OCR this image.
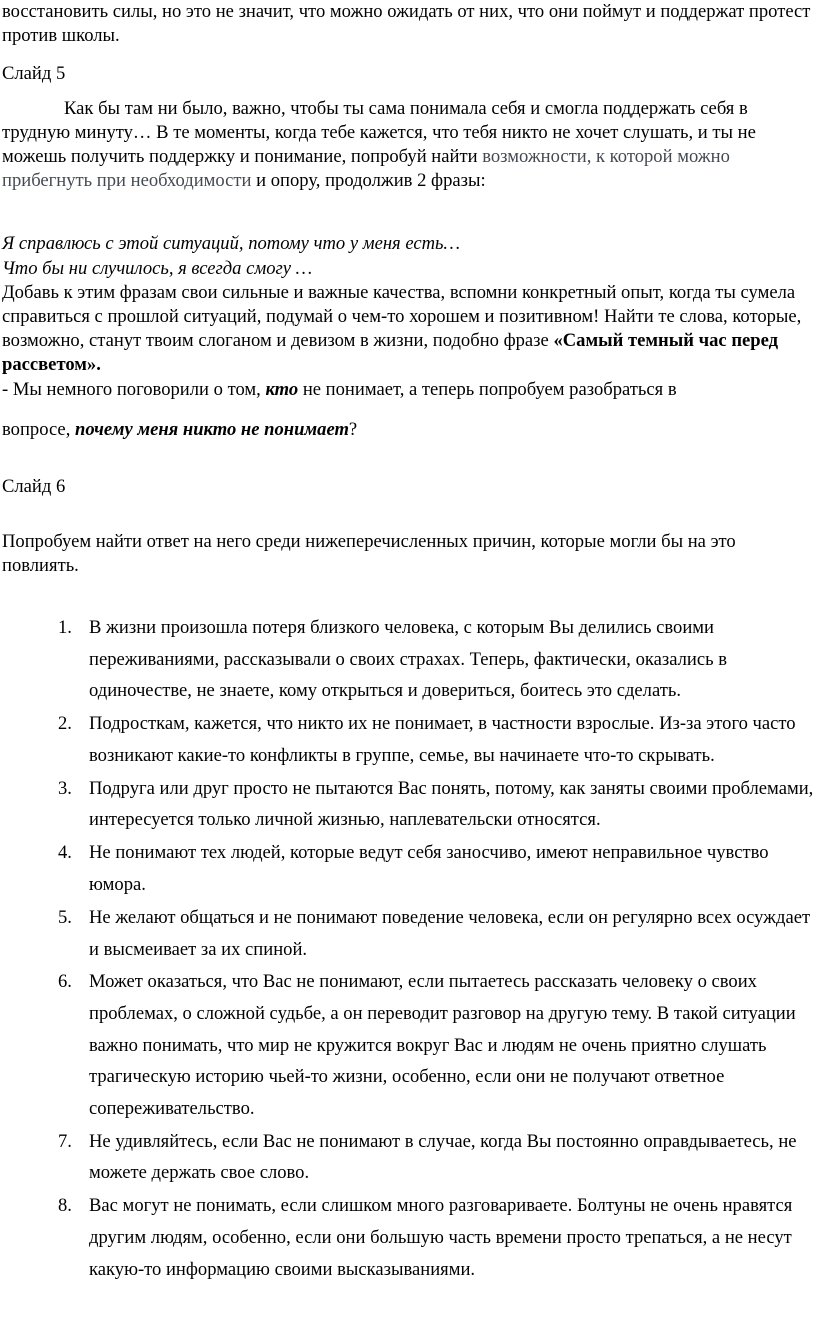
восстановить силы, но это не значит, что можно ожидать от них, что они поймут и поддержат протест против школы.

Слайд 5

Как бы там ни было, важно, чтобы ты сама понимала себя и смогла поддержать себя в трудную минуту… В те моменты, когда тебе кажется, что тебя никто не хочет слушать, и ты не можешь получить поддержку и понимание, попробуй найти возможности, к которой можно прибегнуть при необходимости и опору, продолжив 2 фразы:

Я справлюсь с этой ситуаций, потому что у меня есть…

Что бы ни случилось, я всегда смогу …

Добавь к этим фразам свои сильные и важные качества, вспомни конкретный опыт, когда ты сумела справиться с прошлой ситуаций, подумай о чем-то хорошем и позитивном! Найти те слова, которые, возможно, станут твоим слоганом и девизом в жизни, подобно фразе «Самый темный час перед рассветом».

- Мы немного поговорили о том, кто не понимает, а теперь попробуем разобраться в

вопросе, почему меня никто не понимает?

Слайд 6

Попробуем найти ответ на него среди нижеперечисленных причин, которые могли бы на это повлиять.

1. В жизни произошла потеря близкого человека, с которым Вы делились своими переживаниями, рассказывали о своих страхах. Теперь, фактически, оказались в одиночестве, не знаете, кому открыться и довериться, боитесь это сделать.
2. Подросткам, кажется, что никто их не понимает, в частности взрослые. Из-за этого часто возникают какие-то конфликты в группе, семье, вы начинаете что-то скрывать.
3. Подруга или друг просто не пытаются Вас понять, потому, как заняты своими проблемами, интересуется только личной жизнью, наплевательски относятся.
4. Не понимают тех людей, которые ведут себя заносчиво, имеют неправильное чувство юмора.
5. Не желают общаться и не понимают поведение человека, если он регулярно всех осуждает и высмеивает за их спиной.
6. Может оказаться, что Вас не понимают, если пытаетесь рассказать человеку о своих проблемах, о сложной судьбе, а он переводит разговор на другую тему. В такой ситуации важно понимать, что мир не кружится вокруг Вас и людям не очень приятно слушать трагическую историю чьей-то жизни, особенно, если они не получают ответное сопереживательство.
7. Не удивляйтесь, если Вас не понимают в случае, когда Вы постоянно оправдываетесь, не можете держать свое слово.
8. Вас могут не понимать, если слишком много разговариваете. Болтуны не очень нравятся другим людям, особенно, если они большую часть времени просто трепаться, а не несут какую-то информацию своими высказываниями.
